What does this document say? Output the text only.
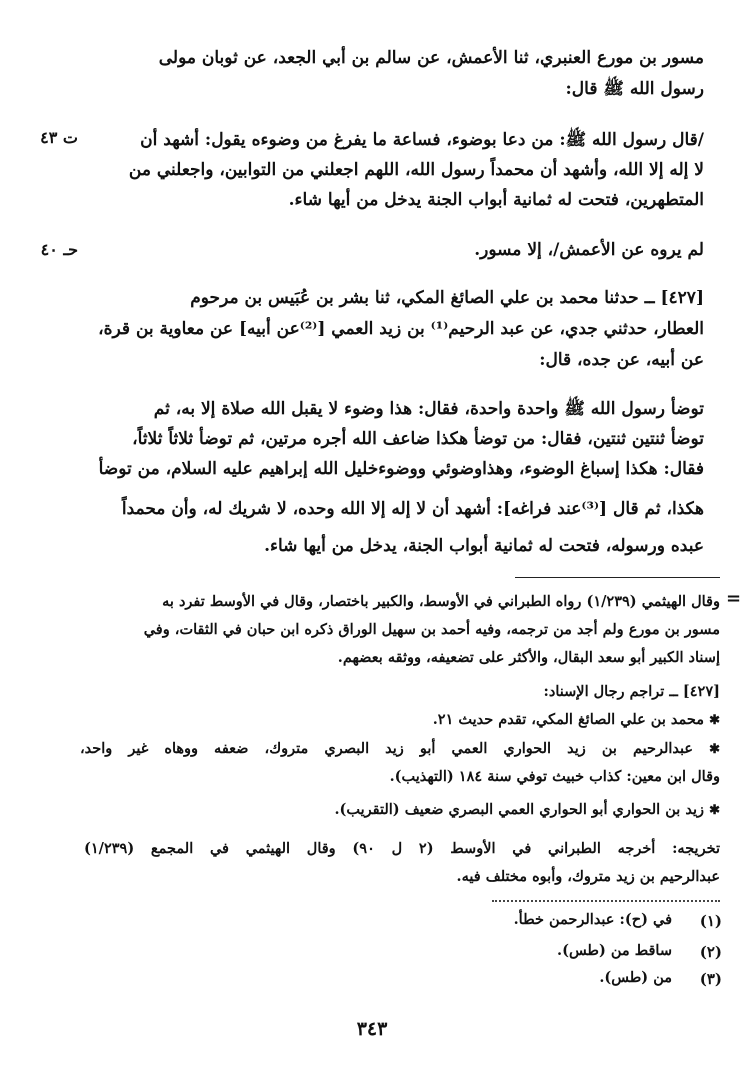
مسور بن مورع العنبري، ثنا الأعمش، عن سالم بن أبي الجعد، عن ثوبان مولى
رسول الله ﷺ قال:
/قال رسول الله ﷺ: من دعا بوضوء، فساعة ما يفرغ من وضوءه يقول: أشهد أن
ت ٤٣
لا إله إلا الله، وأشهد أن محمداً رسول الله، اللهم اجعلني من التوابين، واجعلني من
المتطهرين، فتحت له ثمانية أبواب الجنة يدخل من أيها شاء.
لم يروه عن الأعمش/، إلا مسور.
حـ ٤٠
[٤٢٧] ــ حدثنا محمد بن علي الصائغ المكي، ثنا بشر بن عُبَيس بن مرحوم
العطار، حدثني جدي، عن عبد الرحيم⁽¹⁾ بن زيد العمي [⁽²⁾عن أبيه] عن معاوية بن قرة،
عن أبيه، عن جده، قال:
توضأ رسول الله ﷺ واحدة واحدة، فقال: هذا وضوء لا يقبل الله صلاة إلا به، ثم
توضأ ثنتين ثنتين، فقال: من توضأ هكذا ضاعف الله أجره مرتين، ثم توضأ ثلاثاً ثلاثاً،
فقال: هكذا إسباغ الوضوء، وهذاوضوئي ووضوءخليل الله إبراهيم عليه السلام، من توضأ
هكذا، ثم قال [⁽³⁾عند فراغه]: أشهد أن لا إله إلا الله وحده، لا شريك له، وأن محمداً
عبده ورسوله، فتحت له ثمانية أبواب الجنة، يدخل من أيها شاء.
=
وقال الهيثمي (١/٢٣٩) رواه الطبراني في الأوسط، والكبير باختصار، وقال في الأوسط تفرد به
مسور بن مورع ولم أجد من ترجمه، وفيه أحمد بن سهيل الوراق ذكره ابن حبان في الثقات، وفي
إسناد الكبير أبو سعد البقال، والأكثر على تضعيفه، ووثقه بعضهم.
[٤٢٧] ــ تراجم رجال الإسناد:
✱ محمد بن علي الصائغ المكي، تقدم حديث ٢١.
✱ عبدالرحيم بن زيد الحواري العمي أبو زيد البصري متروك، ضعفه ووهاه غير واحد،
وقال ابن معين: كذاب خبيث توفي سنة ١٨٤ (التهذيب).
✱ زيد بن الحواري أبو الحواري العمي البصري ضعيف (التقريب).
تخريجه: أخرجه الطبراني في الأوسط (٢ ل ٩٠) وقال الهيثمي في المجمع (١/٢٣٩)
عبدالرحيم بن زيد متروك، وأبوه مختلف فيه.
(١)
في (ح): عبدالرحمن خطأ.
(٢)
ساقط من (طس).
(٣)
من (طس).
٣٤٣
